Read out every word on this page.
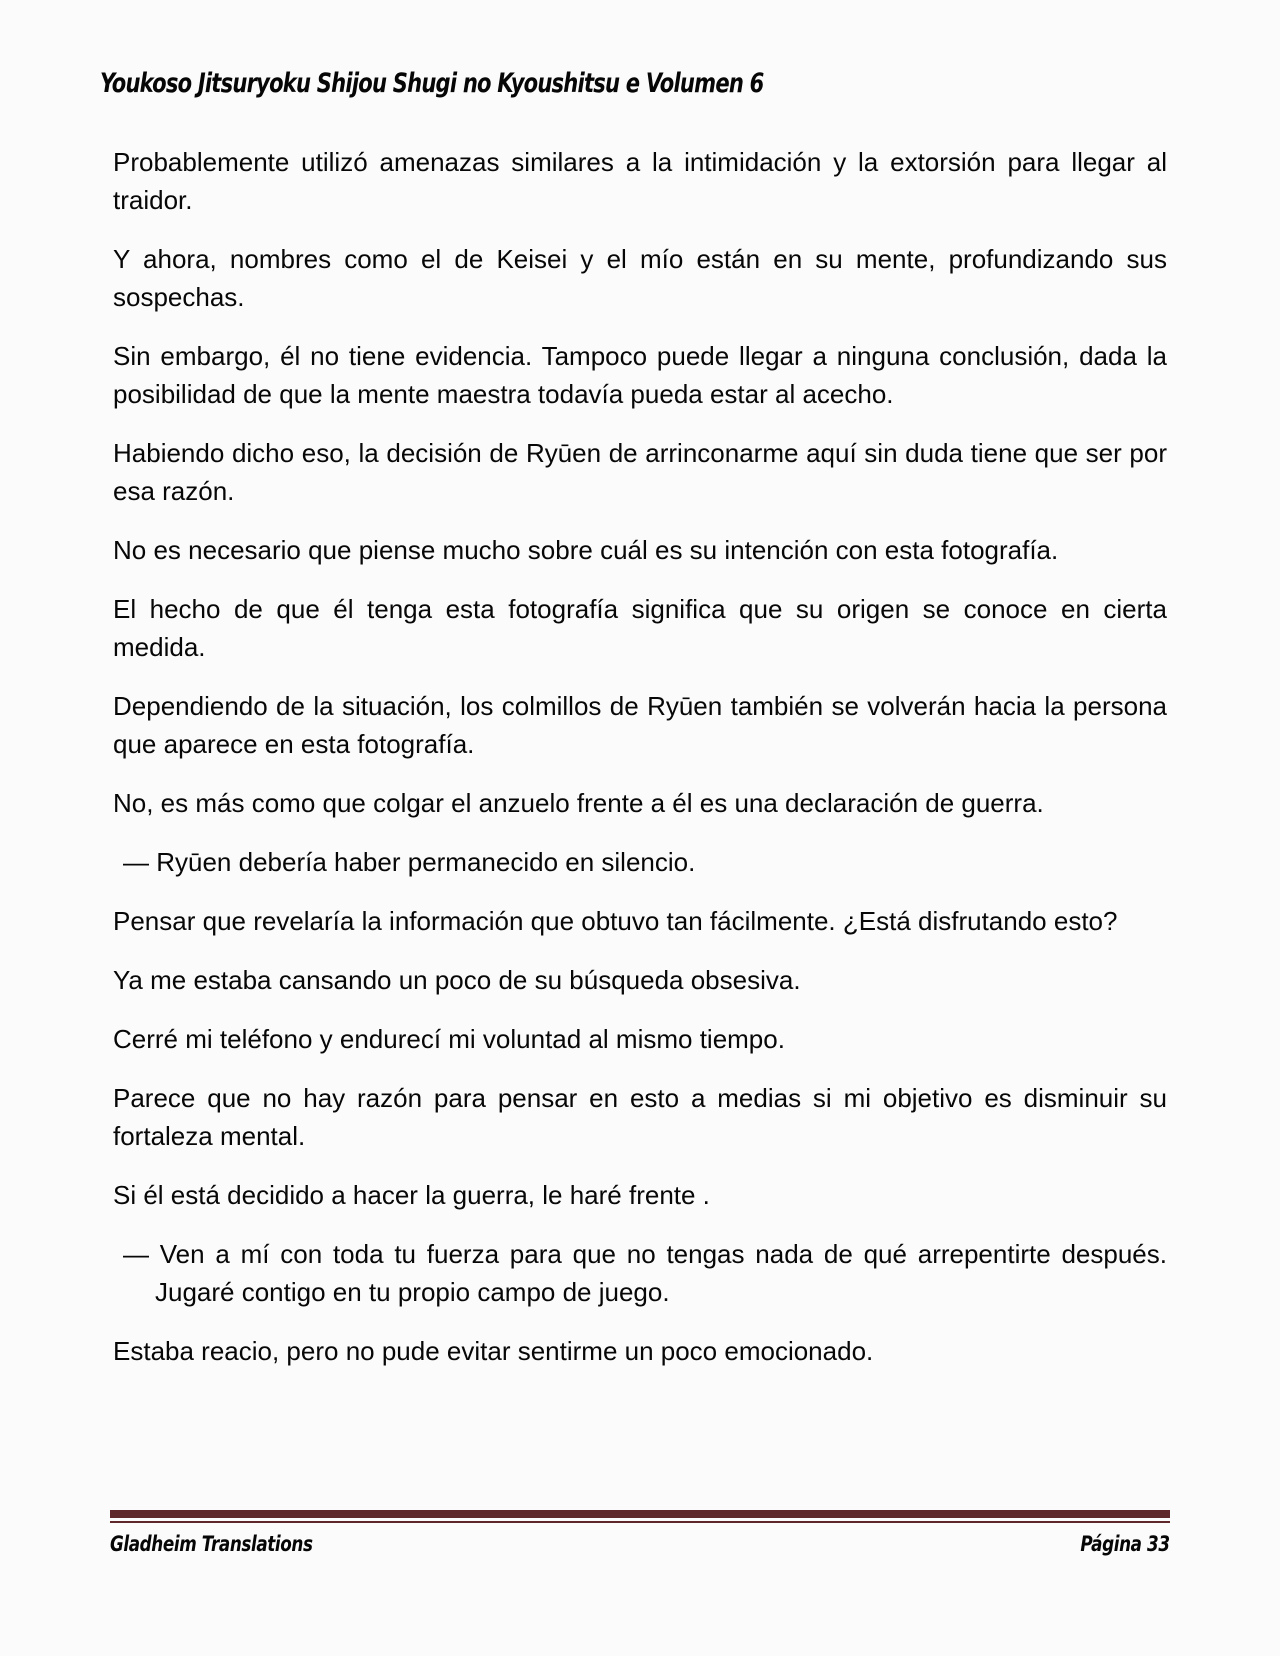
Youkoso Jitsuryoku Shijou Shugi no Kyoushitsu e Volumen 6

Probablemente utilizó amenazas similares a la intimidación y la extorsión para llegar al traidor.

Y ahora, nombres como el de Keisei y el mío están en su mente, profundizando sus sospechas.

Sin embargo, él no tiene evidencia. Tampoco puede llegar a ninguna conclusión, dada la posibilidad de que la mente maestra todavía pueda estar al acecho.

Habiendo dicho eso, la decisión de Ryūen de arrinconarme aquí sin duda tiene que ser por esa razón.

No es necesario que piense mucho sobre cuál es su intención con esta fotografía.

El hecho de que él tenga esta fotografía significa que su origen se conoce en cierta medida.

Dependiendo de la situación, los colmillos de Ryūen también se volverán hacia la persona que aparece en esta fotografía.

No, es más como que colgar el anzuelo frente a él es una declaración de guerra.

— Ryūen debería haber permanecido en silencio.

Pensar que revelaría la información que obtuvo tan fácilmente. ¿Está disfrutando esto?

Ya me estaba cansando un poco de su búsqueda obsesiva.

Cerré mi teléfono y endurecí mi voluntad al mismo tiempo.

Parece que no hay razón para pensar en esto a medias si mi objetivo es disminuir su fortaleza mental.

Si él está decidido a hacer la guerra, le haré frente .

— Ven a mí con toda tu fuerza para que no tengas nada de qué arrepentirte después. Jugaré contigo en tu propio campo de juego.

Estaba reacio, pero no pude evitar sentirme un poco emocionado.

Gladheim Translations	Página 33
